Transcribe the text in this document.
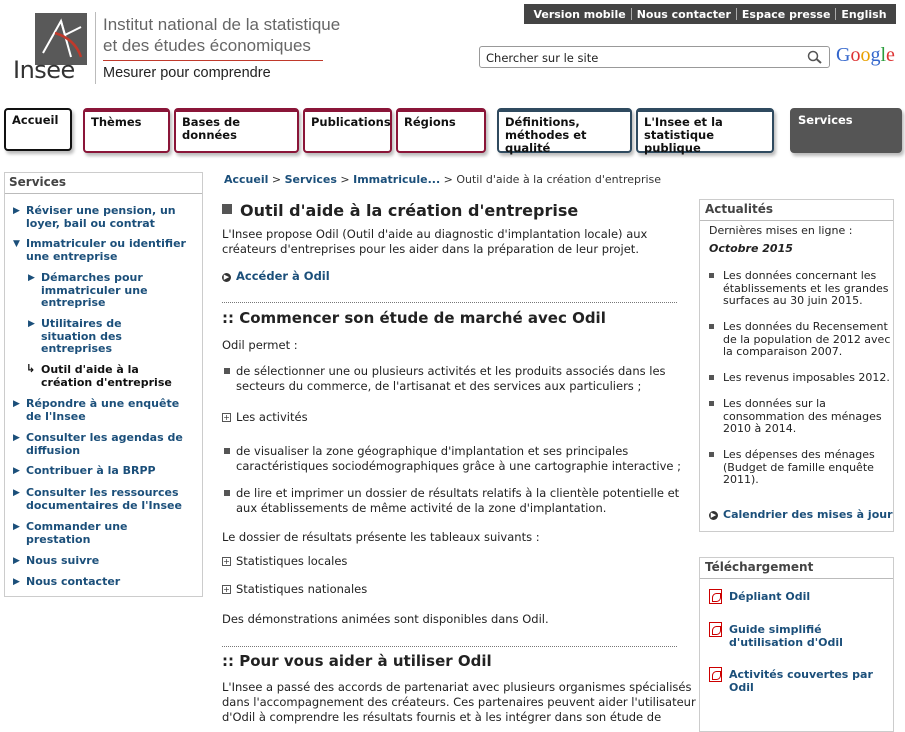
Insee
Institut national de la statistique
et des études économiques
Mesurer pour comprendre
Version mobile	Nous contacter	Espace presse	English
Chercher sur le site	Google
Accueil	Thèmes	Bases de données
Publications	Régions	Définitions, méthodes et qualité
L'Insee et la statistique publique
Services
Services
▶ Réviser une pension, un loyer, bail ou contrat
▼ Immatriculer ou identifier une entreprise
▶ Démarches pour immatriculer une entreprise
▶ Utilitaires de situation des entreprises
↳ Outil d'aide à la création d'entreprise
▶ Répondre à une enquête de l'Insee
▶ Consulter les agendas de diffusion
▶ Contribuer à la BRPP
▶ Consulter les ressources documentaires de l'Insee
▶ Commander une prestation
▶ Nous suivre
▶ Nous contacter
Accueil > Services > Immatricule... > Outil d'aide à la création d'entreprise
Outil d'aide à la création d'entreprise
L'Insee propose Odil (Outil d'aide au diagnostic d'implantation locale) aux
créateurs d'entreprises pour les aider dans la préparation de leur projet.
▶ Accéder à Odil
:: Commencer son étude de marché avec Odil
Odil permet :
de sélectionner une ou plusieurs activités et les produits associés dans les
secteurs du commerce, de l'artisanat et des services aux particuliers ;
+ Les activités
de visualiser la zone géographique d'implantation et ses principales
caractéristiques sociodémographiques grâce à une cartographie interactive ;
de lire et imprimer un dossier de résultats relatifs à la clientèle potentielle et
aux établissements de même activité de la zone d'implantation.
Le dossier de résultats présente les tableaux suivants :
+ Statistiques locales
+ Statistiques nationales
Des démonstrations animées sont disponibles dans Odil.
:: Pour vous aider à utiliser Odil
L'Insee a passé des accords de partenariat avec plusieurs organismes spécialisés
dans l'accompagnement des créateurs. Ces partenaires peuvent aider l'utilisateur
d'Odil à comprendre les résultats fournis et à les intégrer dans son étude de
Actualités
Dernières mises en ligne :
Octobre 2015
Les données concernant les
établissements et les grandes
surfaces au 30 juin 2015.
Les données du Recensement
de la population de 2012 avec
la comparaison 2007.
Les revenus imposables 2012.
Les données sur la
consommation des ménages
2010 à 2014.
Les dépenses des ménages
(Budget de famille enquête
2011).
▶ Calendrier des mises à jour
Téléchargement
Dépliant Odil
Guide simplifié
d'utilisation d'Odil
Activités couvertes par
Odil
